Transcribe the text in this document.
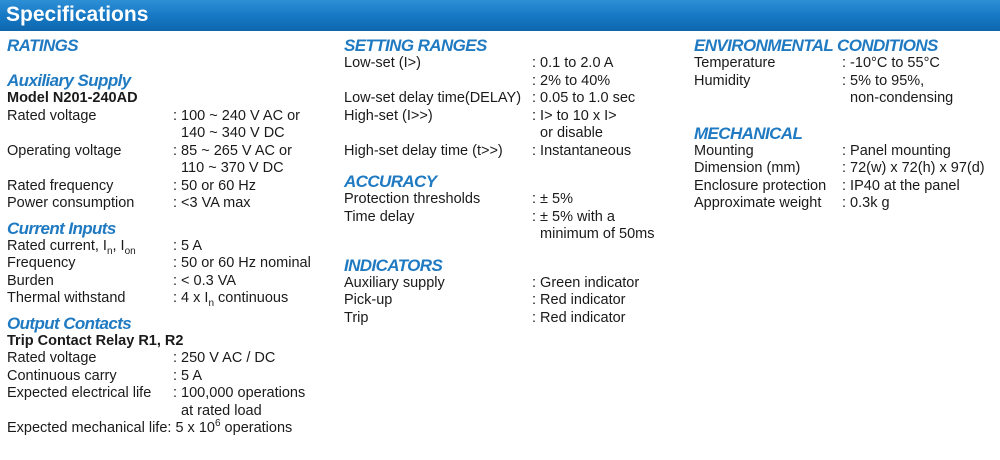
Specifications
RATINGS
Auxiliary Supply
Model N201-240AD
Rated voltage	: 100 ~ 240 V AC or
140 ~ 340 V DC
Operating voltage	: 85 ~ 265 V AC or
110 ~ 370 V DC
Rated frequency	: 50 or 60 Hz
Power consumption	: <3 VA max
Current Inputs
Rated current, $I_n$, $I_{on}$	: 5 A
Frequency	: 50 or 60 Hz nominal
Burden	: < 0.3 VA
Thermal withstand	: 4 x $I_n$ continuous
Output Contacts
Trip Contact Relay R1, R2
Rated voltage	: 250 V AC / DC
Continuous carry	: 5 A
Expected electrical life	: 100,000 operations
at rated load
Expected mechanical life : 5 x $10^6$ operations
SETTING RANGES
Low-set (I>)	: 0.1 to 2.0 A
: 2% to 40%
Low-set delay time(DELAY) : 0.05 to 1.0 sec
High-set (I>>)	: I> to 10 x I>
or disable
High-set delay time (t>>)	: Instantaneous
ACCURACY
Protection thresholds	: ± 5%
Time delay	: ± 5% with a
minimum of 50ms
INDICATORS
Auxiliary supply	: Green indicator
Pick-up	: Red indicator
Trip	: Red indicator
ENVIRONMENTAL CONDITIONS
Temperature	: -10°C to 55°C
Humidity	: 5% to 95%,
non-condensing
MECHANICAL
Mounting	: Panel mounting
Dimension (mm)	: 72(w) x 72(h) x 97(d)
Enclosure protection	: IP40 at the panel
Approximate weight	: 0.3k g
